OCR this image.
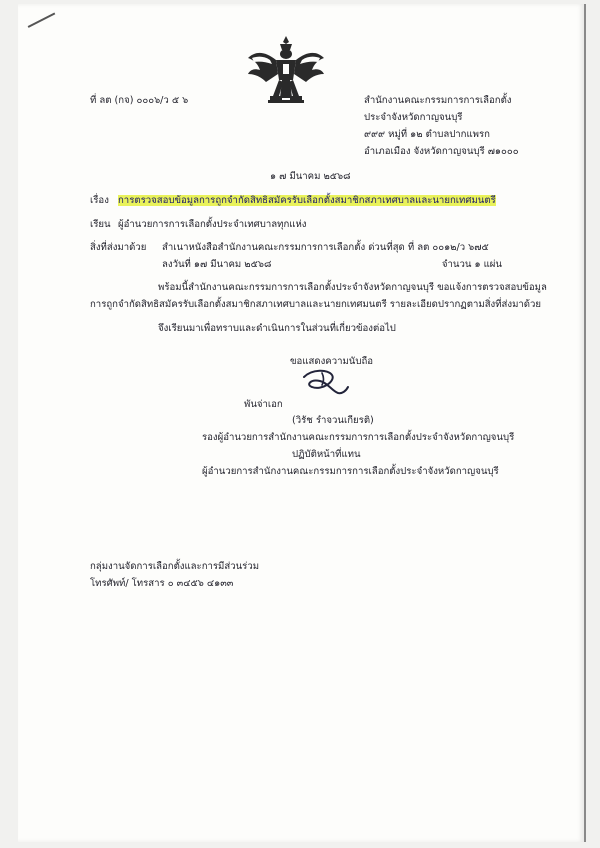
ที่ ลต (กจ) ๐๐๐๖/ว ๕ ๖	สำนักงานคณะกรรมการการเลือกตั้ง
ประจำจังหวัดกาญจนบุรี
๙๙๙ หมู่ที่ ๑๒ ตำบลปากแพรก
อำเภอเมือง จังหวัดกาญจนบุรี ๗๑๐๐๐
๑ ๗ มีนาคม ๒๕๖๘
เรื่อง การตรวจสอบข้อมูลการถูกจำกัดสิทธิสมัครรับเลือกตั้งสมาชิกสภาเทศบาลและนายกเทศมนตรี
เรียน ผู้อำนวยการการเลือกตั้งประจำเทศบาลทุกแห่ง
สิ่งที่ส่งมาด้วย สำเนาหนังสือสำนักงานคณะกรรมการการเลือกตั้ง ด่วนที่สุด ที่ ลต ๐๐๑๒/ว ๖๗๕
ลงวันที่ ๑๗ มีนาคม ๒๕๖๘	จำนวน ๑ แผ่น
พร้อมนี้สำนักงานคณะกรรมการการเลือกตั้งประจำจังหวัดกาญจนบุรี ขอแจ้งการตรวจสอบข้อมูล
การถูกจำกัดสิทธิสมัครรับเลือกตั้งสมาชิกสภาเทศบาลและนายกเทศมนตรี รายละเอียดปรากฏตามสิ่งที่ส่งมาด้วย
จึงเรียนมาเพื่อทราบและดำเนินการในส่วนที่เกี่ยวข้องต่อไป
ขอแสดงความนับถือ
พันจ่าเอก
(วิรัช รำจวนเกียรติ)
รองผู้อำนวยการสำนักงานคณะกรรมการการเลือกตั้งประจำจังหวัดกาญจนบุรี
ปฏิบัติหน้าที่แทน
ผู้อำนวยการสำนักงานคณะกรรมการการเลือกตั้งประจำจังหวัดกาญจนบุรี
กลุ่มงานจัดการเลือกตั้งและการมีส่วนร่วม
โทรศัพท์/ โทรสาร ๐ ๓๔๕๖ ๔๑๓๓
